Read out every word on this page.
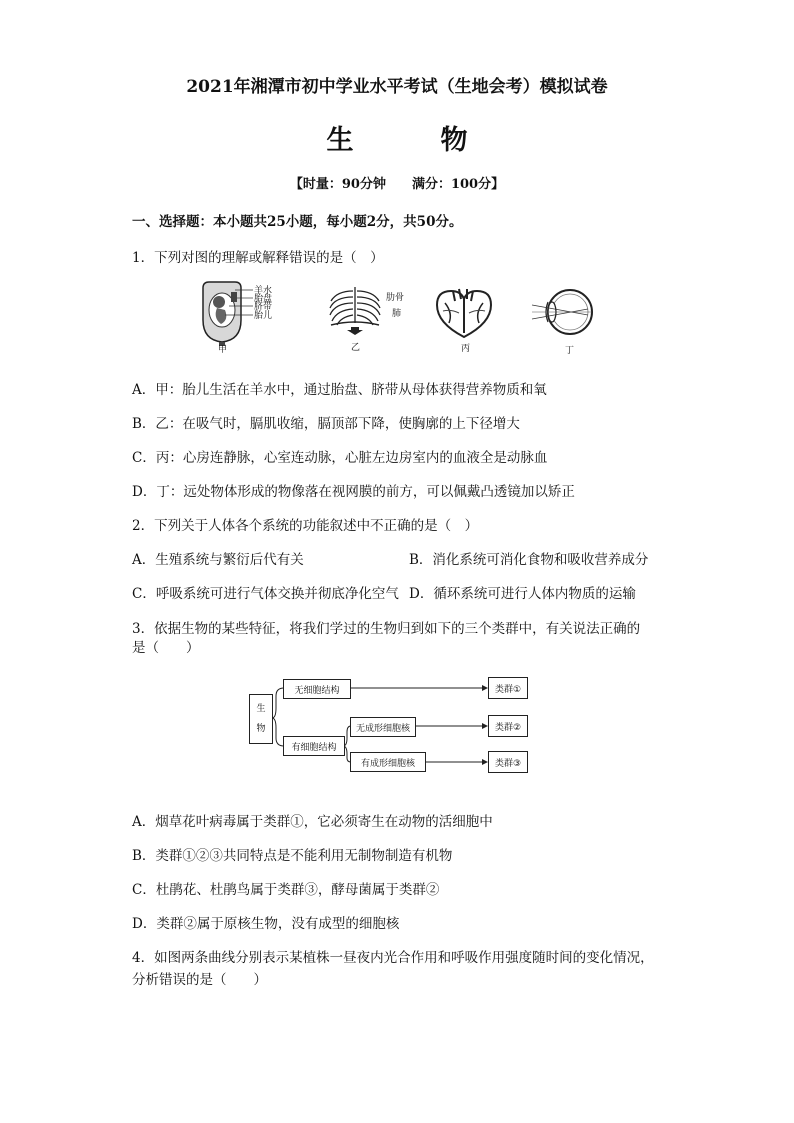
2021年湘潭市初中学业水平考试（生地会考）模拟试卷
生　物
【时量：90分钟　　满分：100分】
一、选择题：本小题共25小题，每小题2分，共50分。
1．下列对图的理解或解释错误的是（　）
羊水
胎盘
脐带
胎儿
甲
肋骨
肺
乙	丙	丁
A．甲：胎儿生活在羊水中，通过胎盘、脐带从母体获得营养物质和氧
B．乙：在吸气时，膈肌收缩，膈顶部下降，使胸廓的上下径增大
C．丙：心房连静脉，心室连动脉，心脏左边房室内的血液全是动脉血
D．丁：远处物体形成的物像落在视网膜的前方，可以佩戴凸透镜加以矫正
2．下列关于人体各个系统的功能叙述中不正确的是（　）
A．生殖系统与繁衍后代有关	B．消化系统可消化食物和吸收营养成分
C．呼吸系统可进行气体交换并彻底净化空气 D．循环系统可进行人体内物质的运输
3．依据生物的某些特征，将我们学过的生物归到如下的三个类群中，有关说法正确的
是（　　）
生

物
无细胞结构
有细胞结构
无成形细胞核
有成形细胞核
类群①
类群②
类群③
A．烟草花叶病毒属于类群①，它必须寄生在动物的活细胞中
B．类群①②③共同特点是不能利用无制物制造有机物
C．杜鹃花、杜鹃鸟属于类群③，酵母菌属于类群②
D．类群②属于原核生物，没有成型的细胞核
4．如图两条曲线分别表示某植株一昼夜内光合作用和呼吸作用强度随时间的变化情况，
分析错误的是（　　）
